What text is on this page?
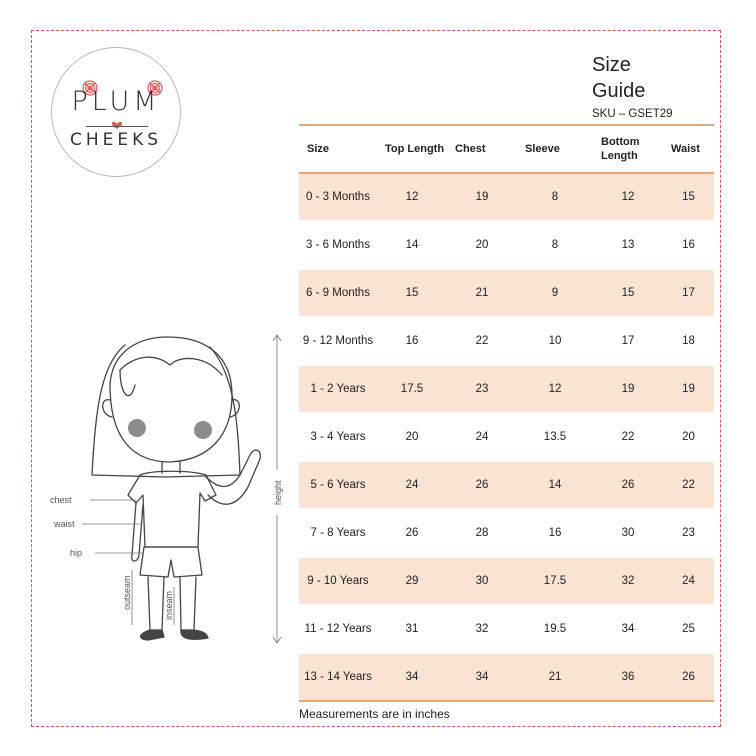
PLUM
CHEEKS
Size Guide
SKU – GSET29
chest
waist
hip
height
outseam	inseam
Size	Top Length	Chest	Sleeve	Bottom Length	Waist
0 - 3 Months	12	19	8	12	15
3 - 6 Months	14	20	8	13	16
6 - 9 Months	15	21	9	15	17
9 - 12 Months	16	22	10	17	18
1 - 2 Years	17.5	23	12	19	19
3 - 4 Years	20	24	13.5	22	20
5 - 6 Years	24	26	14	26	22
7 - 8 Years	26	28	16	30	23
9 - 10 Years	29	30	17.5	32	24
11 - 12 Years	31	32	19.5	34	25
13 - 14 Years	34	34	21	36	26
Measurements are in inches
